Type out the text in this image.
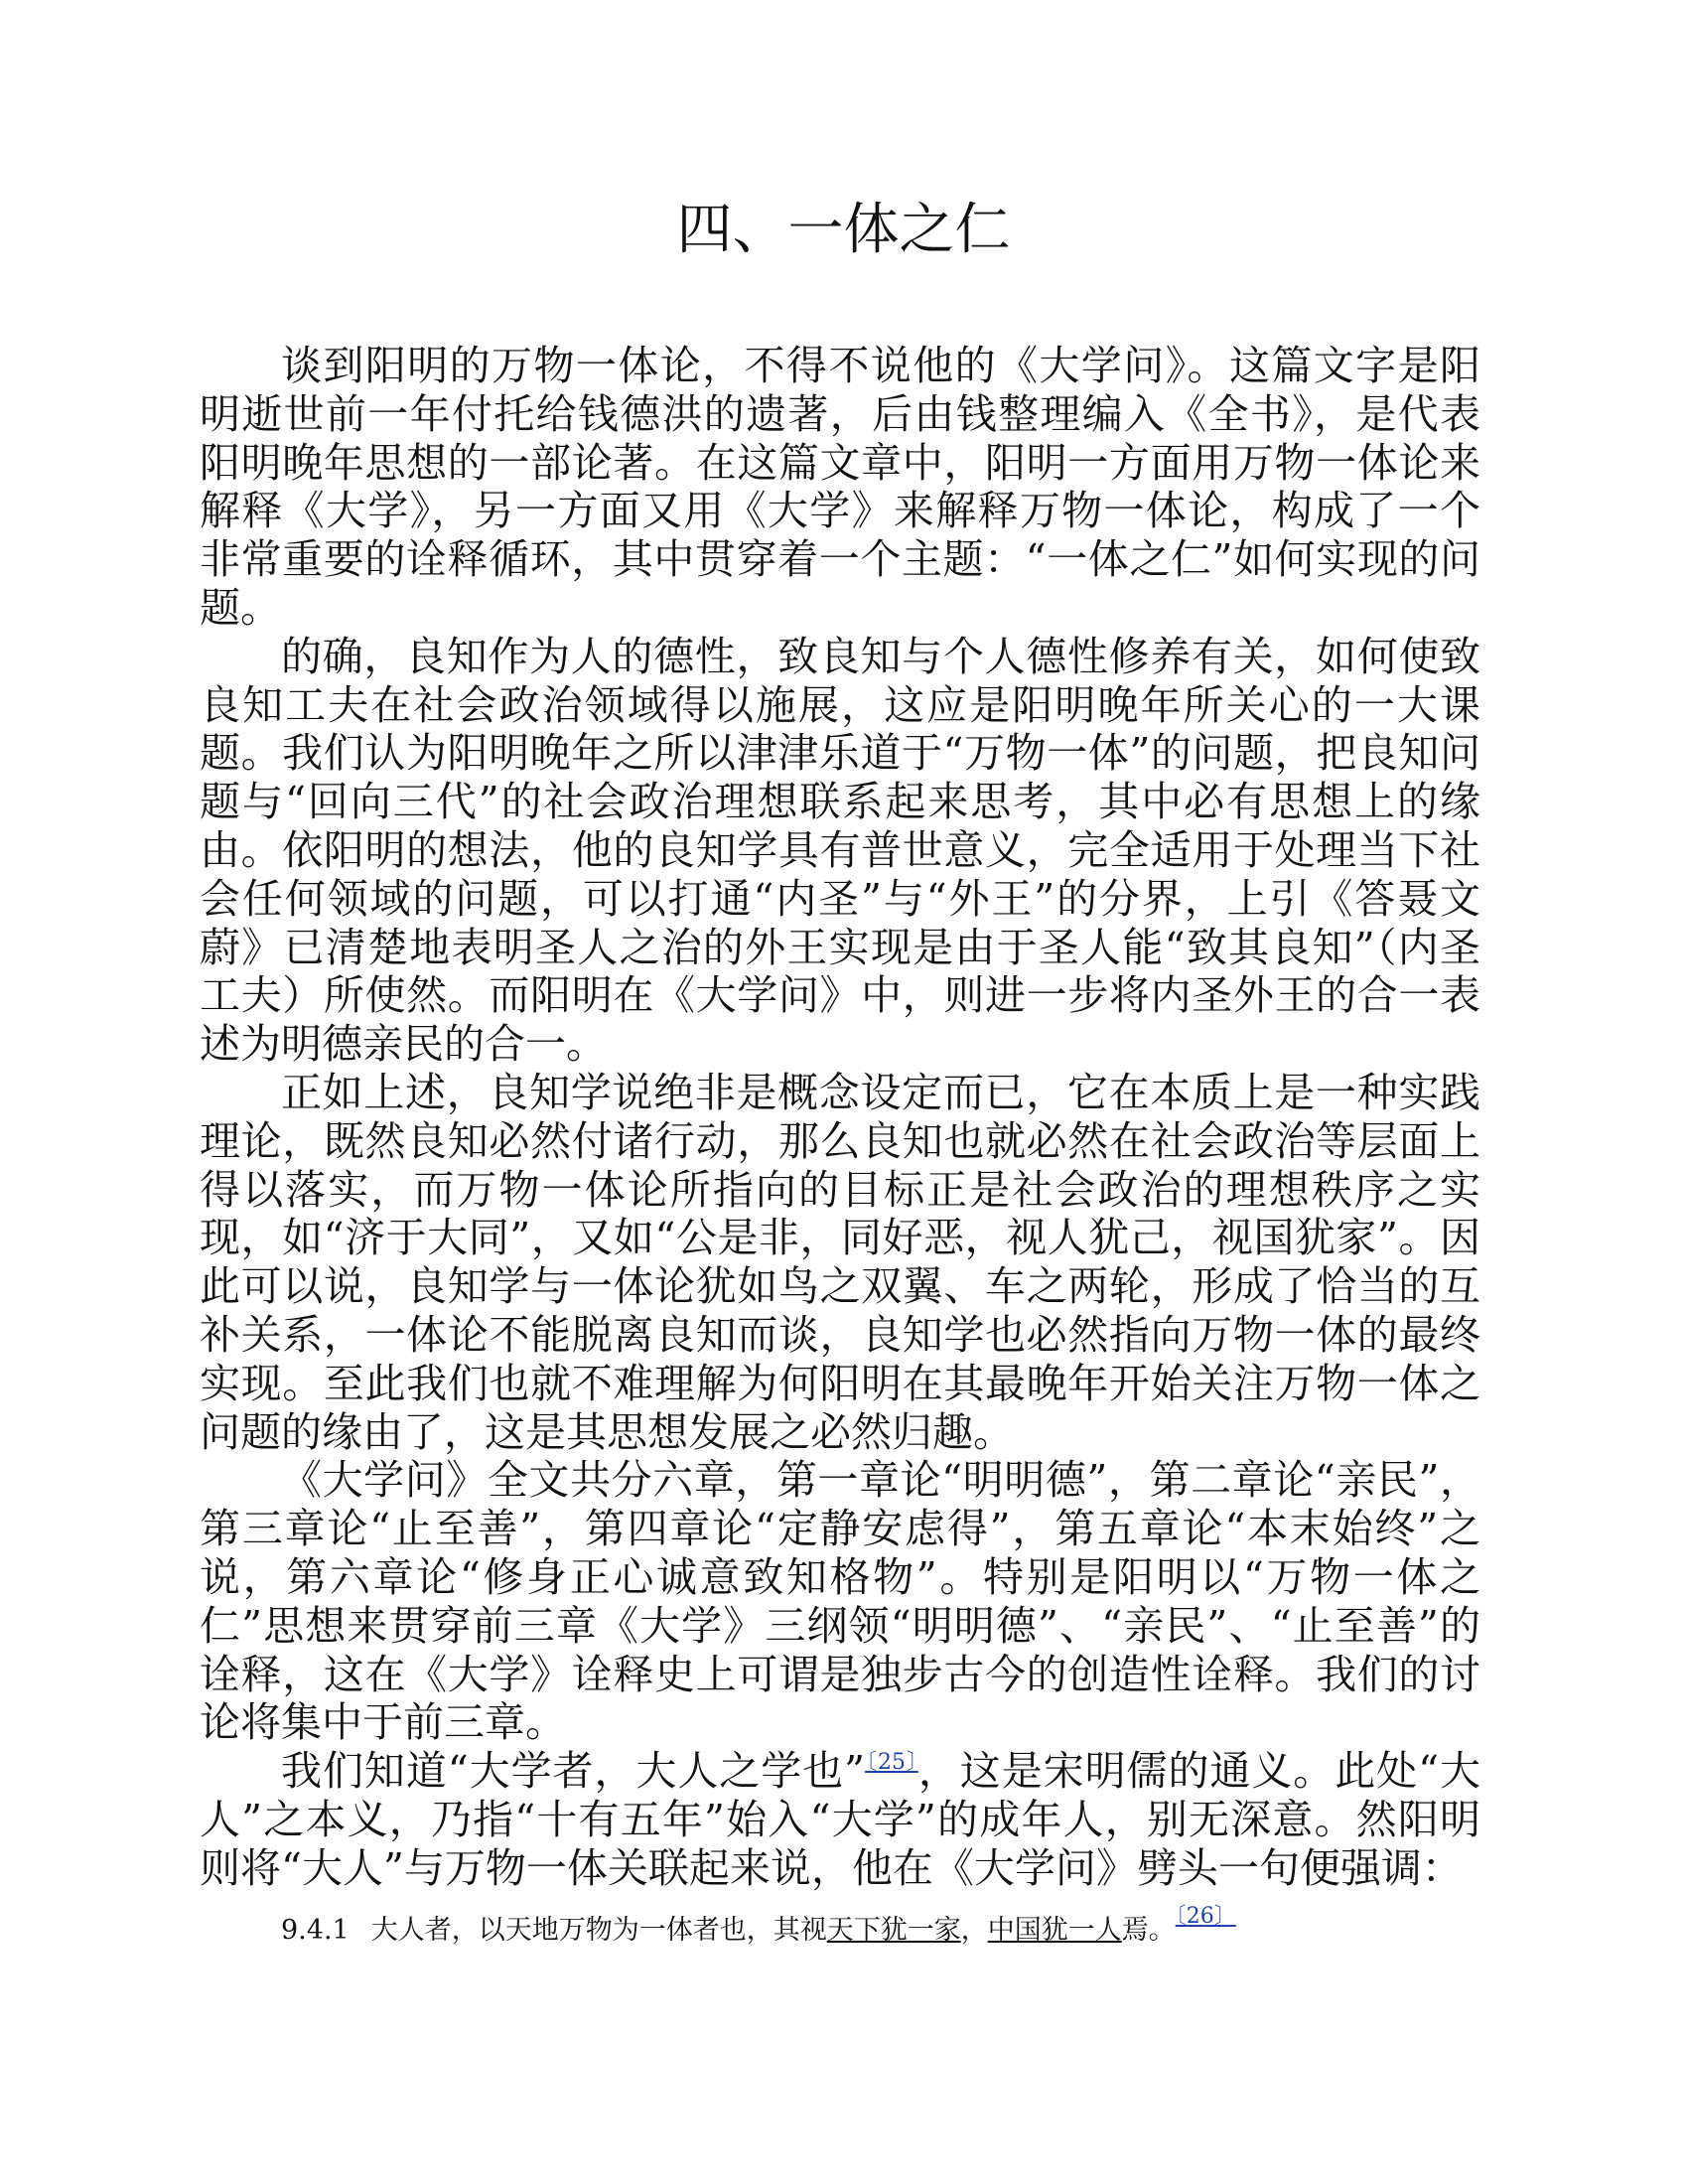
四、一体之仁

谈到阳明的万物一体论，不得不说他的《大学问》。这篇文字是阳明逝世前一年付托给钱德洪的遗著，后由钱整理编入《全书》，是代表阳明晚年思想的一部论著。在这篇文章中，阳明一方面用万物一体论来解释《大学》，另一方面又用《大学》来解释万物一体论，构成了一个非常重要的诠释循环，其中贯穿着一个主题：“一体之仁”如何实现的问题。

的确，良知作为人的德性，致良知与个人德性修养有关，如何使致良知工夫在社会政治领域得以施展，这应是阳明晚年所关心的一大课题。我们认为阳明晚年之所以津津乐道于“万物一体”的问题，把良知问题与“回向三代”的社会政治理想联系起来思考，其中必有思想上的缘由。依阳明的想法，他的良知学具有普世意义，完全适用于处理当下社会任何领域的问题，可以打通“内圣”与“外王”的分界，上引《答聂文蔚》已清楚地表明圣人之治的外王实现是由于圣人能“致其良知”（内圣工夫）所使然。而阳明在《大学问》中，则进一步将内圣外王的合一表述为明德亲民的合一。

正如上述，良知学说绝非是概念设定而已，它在本质上是一种实践理论，既然良知必然付诸行动，那么良知也就必然在社会政治等层面上得以落实，而万物一体论所指向的目标正是社会政治的理想秩序之实现，如“济于大同”，又如“公是非，同好恶，视人犹己，视国犹家”。因此可以说，良知学与一体论犹如鸟之双翼、车之两轮，形成了恰当的互补关系，一体论不能脱离良知而谈，良知学也必然指向万物一体的最终实现。至此我们也就不难理解为何阳明在其最晚年开始关注万物一体之问题的缘由了，这是其思想发展之必然归趣。

《大学问》全文共分六章，第一章论“明明德”，第二章论“亲民”，第三章论“止至善”，第四章论“定静安虑得”，第五章论“本末始终”之说，第六章论“修身正心诚意致知格物”。特别是阳明以“万物一体之仁”思想来贯穿前三章《大学》三纲领“明明德”、“亲民”、“止至善”的诠释，这在《大学》诠释史上可谓是独步古今的创造性诠释。我们的讨论将集中于前三章。

我们知道“大学者，大人之学也”$^{〔25〕}$，这是宋明儒的通义。此处“大人”之本义，乃指“十有五年”始入“大学”的成年人，别无深意。然阳明则将“大人”与万物一体关联起来说，他在《大学问》劈头一句便强调：

9.4.1 大人者，以天地万物为一体者也，其视天下犹一家，中国犹一人焉。$^{〔26〕}$
